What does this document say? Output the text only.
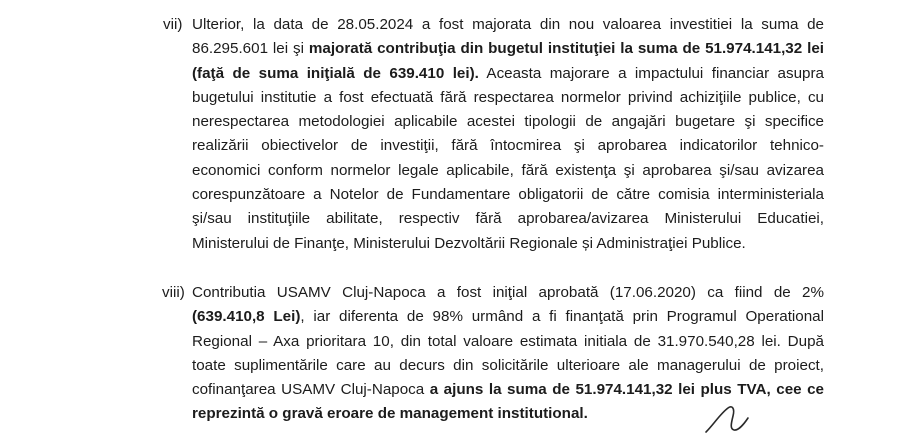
vii) Ulterior, la data de 28.05.2024 a fost majorata din nou valoarea investitiei la suma de
86.295.601 lei şi majorată contribuţia din bugetul instituţiei la suma de 51.974.141,32 lei
(faţă de suma iniţială de 639.410 lei). Aceasta majorare a impactului financiar asupra
bugetului institutie a fost efectuată fără respectarea normelor privind achiziţiile publice, cu
nerespectarea metodologiei aplicabile acestei tipologii de angajări bugetare şi specifice
realizării obiectivelor de investiţii, fără întocmirea şi aprobarea indicatorilor tehnico-
economici conform normelor legale aplicabile, fără existenţa şi aprobarea şi/sau avizarea
corespunzătoare a Notelor de Fundamentare obligatorii de către comisia interministeriala
şi/sau instituţiile abilitate, respectiv fără aprobarea/avizarea Ministerului Educatiei,
Ministerului de Finanţe, Ministerului Dezvoltării Regionale și Administraţiei Publice.
viii) Contributia USAMV Cluj-Napoca a fost iniţial aprobată (17.06.2020) ca fiind de 2%
(639.410,8 Lei), iar diferenta de 98% urmând a fi finanţată prin Programul Operational
Regional – Axa prioritara 10, din total valoare estimata initiala de 31.970.540,28 lei. După
toate suplimentările care au decurs din solicitările ulterioare ale managerului de proiect,
cofinanţarea USAMV Cluj-Napoca a ajuns la suma de 51.974.141,32 lei plus TVA, cee ce
reprezintă o gravă eroare de management institutional.
